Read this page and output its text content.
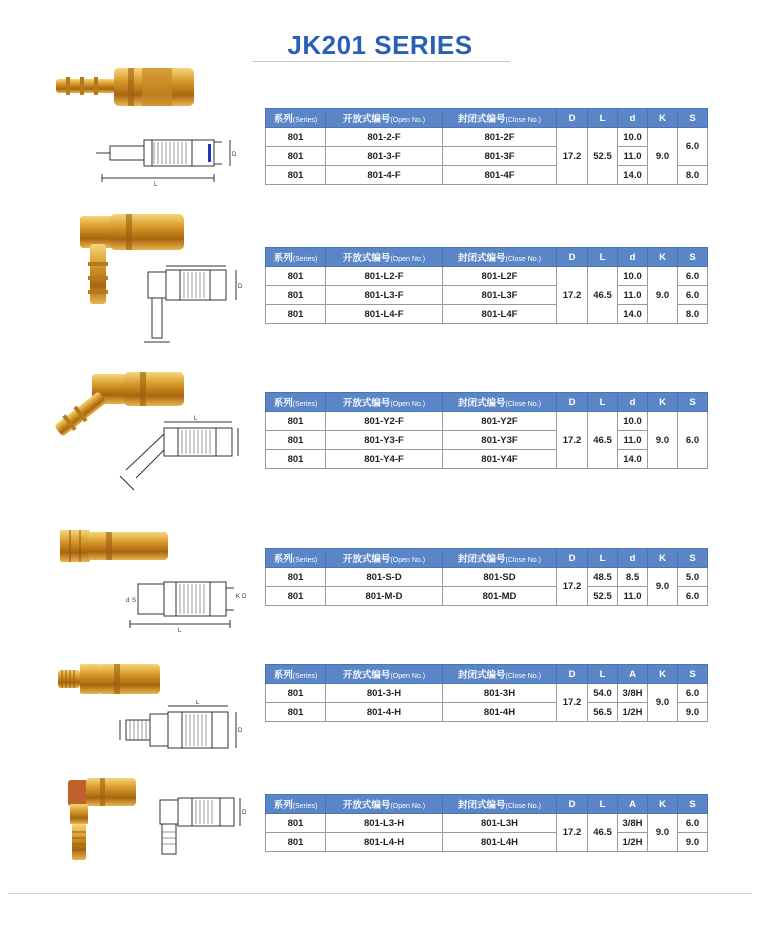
JK201 SERIES
L
D
系列(Series)	开放式编号(Open No.)	封闭式编号(Close No.)	D	L	d	K	S
801	801-2-F	801-2F	17.2	52.5	10.0	9.0	6.0
801	801-3-F	801-3F			11.0		
801	801-4-F	801-4F			14.0		8.0
D
系列(Series)	开放式编号(Open No.)	封闭式编号(Close No.)	D	L	d	K	S
801	801-L2-F	801-L2F	17.2	46.5	10.0	9.0	6.0
801	801-L3-F	801-L3F			11.0		6.0
801	801-L4-F	801-L4F			14.0		8.0
L
系列(Series)	开放式编号(Open No.)	封闭式编号(Close No.)	D	L	d	K	S
801	801-Y2-F	801-Y2F	17.2	46.5	10.0	9.0	6.0
801	801-Y3-F	801-Y3F			11.0		
801	801-Y4-F	801-Y4F			14.0		
d S
K D
L
系列(Series)	开放式编号(Open No.)	封闭式编号(Close No.)	D	L	d	K	S
801	801-S-D	801-SD	17.2	48.5	8.5	9.0	5.0
801	801-M-D	801-MD		52.5	11.0		6.0
L
D
系列(Series)	开放式编号(Open No.)	封闭式编号(Close No.)	D	L	A	K	S
801	801-3-H	801-3H	17.2	54.0	3/8H	9.0	6.0
801	801-4-H	801-4H		56.5	1/2H		9.0
D
系列(Series)	开放式编号(Open No.)	封闭式编号(Close No.)	D	L	A	K	S
801	801-L3-H	801-L3H	17.2	46.5	3/8H	9.0	6.0
801	801-L4-H	801-L4H			1/2H		9.0
